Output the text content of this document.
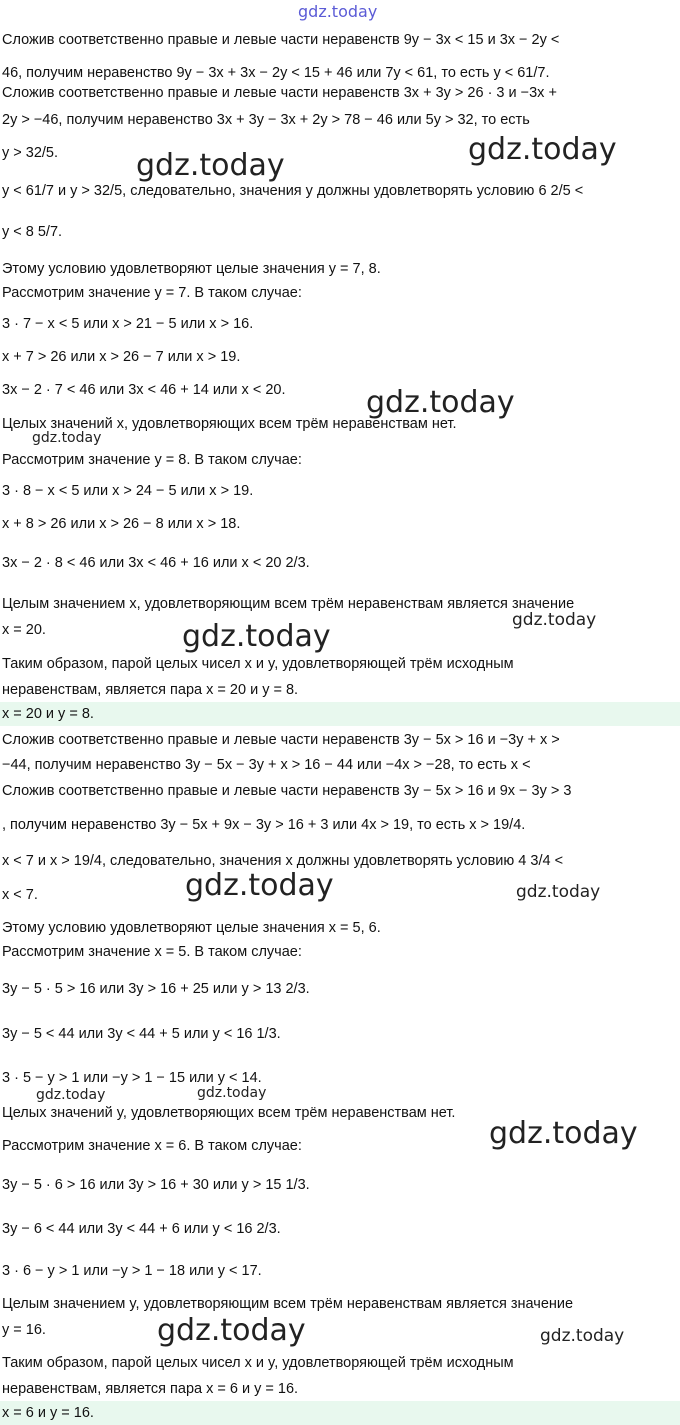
gdz.today
Сложив соответственно правые и левые части неравенств 9y − 3x < 15 и 3x − 2y <
46, получим неравенство 9y − 3x + 3x − 2y < 15 + 46 или 7y < 61, то есть y < 61/7.
Сложив соответственно правые и левые части неравенств 3x + 3y > 26 · 3 и −3x +
2y > −46, получим неравенство 3x + 3y − 3x + 2y > 78 − 46 или 5y > 32, то есть
y > 32/5.
y < 61/7 и y > 32/5, следовательно, значения y должны удовлетворять условию 6 2/5 <
y < 8 5/7.
Этому условию удовлетворяют целые значения y = 7, 8.
Рассмотрим значение y = 7. В таком случае:
3 · 7 − x < 5 или x > 21 − 5 или x > 16.
x + 7 > 26 или x > 26 − 7 или x > 19.
3x − 2 · 7 < 46 или 3x < 46 + 14 или x < 20.
Целых значений x, удовлетворяющих всем трём неравенствам нет.
Рассмотрим значение y = 8. В таком случае:
3 · 8 − x < 5 или x > 24 − 5 или x > 19.
x + 8 > 26 или x > 26 − 8 или x > 18.
3x − 2 · 8 < 46 или 3x < 46 + 16 или x < 20 2/3.
Целым значением x, удовлетворяющим всем трём неравенствам является значение
x = 20.
Таким образом, парой целых чисел x и y, удовлетворяющей трём исходным
неравенствам, является пара x = 20 и y = 8.
x = 20 и y = 8.
Сложив соответственно правые и левые части неравенств 3y − 5x > 16 и −3y + x >
−44, получим неравенство 3y − 5x − 3y + x > 16 − 44 или −4x > −28, то есть x <
Сложив соответственно правые и левые части неравенств 3y − 5x > 16 и 9x − 3y > 3
, получим неравенство 3y − 5x + 9x − 3y > 16 + 3 или 4x > 19, то есть x > 19/4.
x < 7 и x > 19/4, следовательно, значения x должны удовлетворять условию 4 3/4 <
x < 7.
Этому условию удовлетворяют целые значения x = 5, 6.
Рассмотрим значение x = 5. В таком случае:
3y − 5 · 5 > 16 или 3y > 16 + 25 или y > 13 2/3.
3y − 5 < 44 или 3y < 44 + 5 или y < 16 1/3.
3 · 5 − y > 1 или −y > 1 − 15 или y < 14.
Целых значений y, удовлетворяющих всем трём неравенствам нет.
Рассмотрим значение x = 6. В таком случае:
3y − 5 · 6 > 16 или 3y > 16 + 30 или y > 15 1/3.
3y − 6 < 44 или 3y < 44 + 6 или y < 16 2/3.
3 · 6 − y > 1 или −y > 1 − 18 или y < 17.
Целым значением y, удовлетворяющим всем трём неравенствам является значение
y = 16.
Таким образом, парой целых чисел x и y, удовлетворяющей трём исходным
неравенствам, является пара x = 6 и y = 16.
x = 6 и y = 16.
gdz.today	gdz.today
gdz.today
gdz.today
gdz.today	gdz.today
gdz.today	gdz.today
gdz.today	gdz.today
gdz.today
gdz.today	gdz.today
